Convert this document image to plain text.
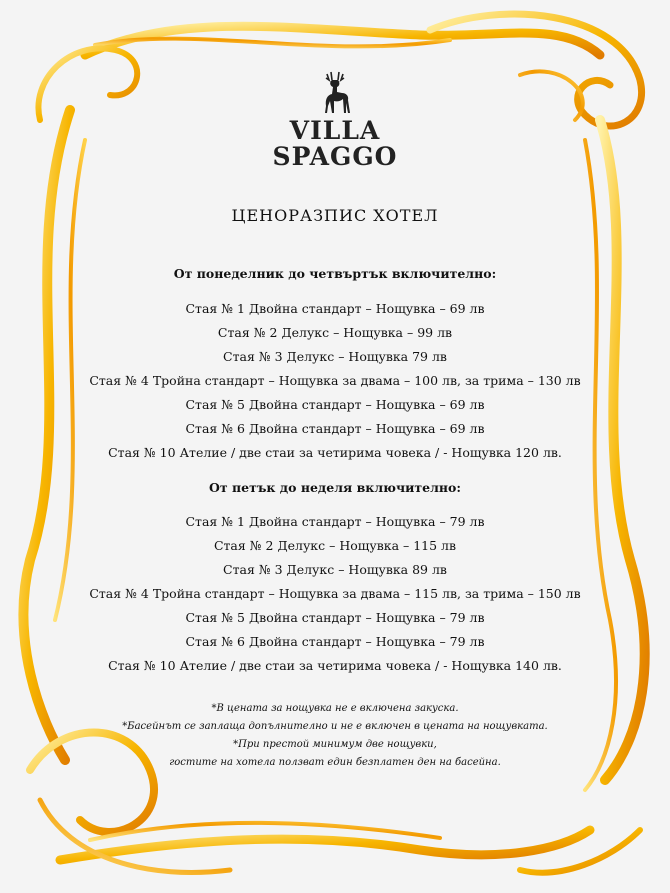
VILLA
SPAGGO
ЦЕНОРАЗПИС ХОТЕЛ
От понеделник до четвъртък включително:
Стая № 1 Двойна стандарт – Нощувка – 69 лв
Стая № 2 Делукс – Нощувка – 99 лв
Стая № 3 Делукс – Нощувка 79 лв
Стая № 4 Тройна стандарт – Нощувка за двама – 100 лв, за трима – 130 лв
Стая № 5 Двойна стандарт – Нощувка – 69 лв
Стая № 6 Двойна стандарт – Нощувка – 69 лв
Стая № 10 Ателие / две стаи за четирима човека / - Нощувка 120 лв.
От петък до неделя включително:
Стая № 1 Двойна стандарт – Нощувка – 79 лв
Стая № 2 Делукс – Нощувка – 115 лв
Стая № 3 Делукс – Нощувка 89 лв
Стая № 4 Тройна стандарт – Нощувка за двама – 115 лв, за трима – 150 лв
Стая № 5 Двойна стандарт – Нощувка – 79 лв
Стая № 6 Двойна стандарт – Нощувка – 79 лв
Стая № 10 Ателие / две стаи за четирима човека / - Нощувка 140 лв.
*В цената за нощувка не е включена закуска.
*Басейнът се заплаща допълнително и не е включен в цената на нощувката.
*При престой минимум две нощувки,
гостите на хотела ползват един безплатен ден на басейна.
